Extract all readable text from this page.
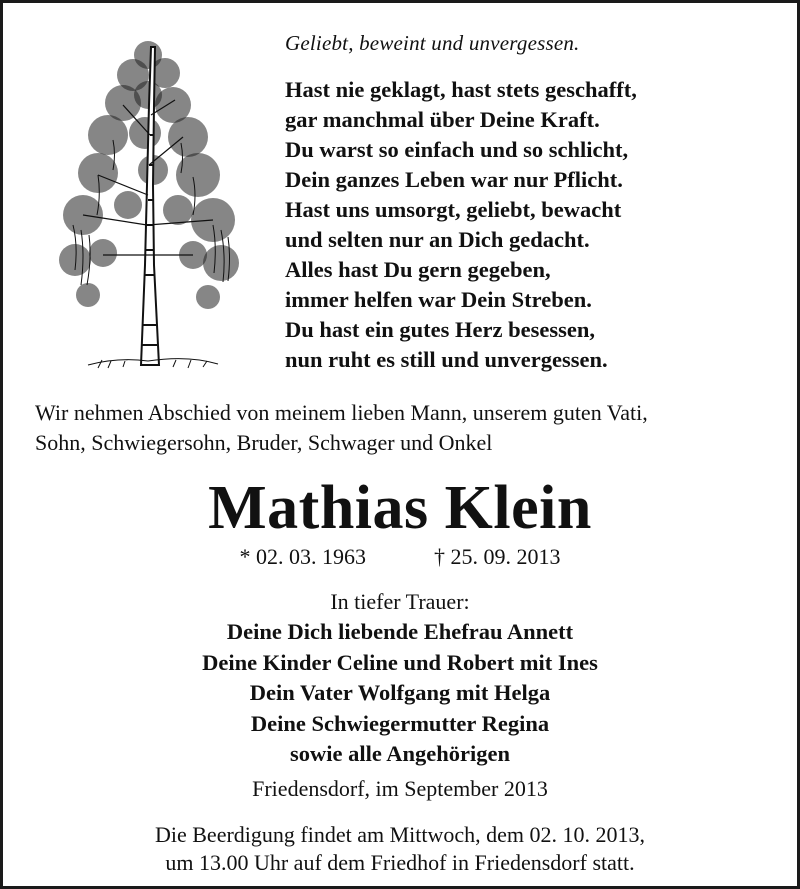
Geliebt, beweint und unvergessen.

Hast nie geklagt, hast stets geschafft,
gar manchmal über Deine Kraft.
Du warst so einfach und so schlicht,
Dein ganzes Leben war nur Pflicht.
Hast uns umsorgt, geliebt, bewacht
und selten nur an Dich gedacht.
Alles hast Du gern gegeben,
immer helfen war Dein Streben.
Du hast ein gutes Herz besessen,
nun ruht es still und unvergessen.
Wir nehmen Abschied von meinem lieben Mann, unserem guten Vati,
Sohn, Schwiegersohn, Bruder, Schwager und Onkel
Mathias Klein
* 02. 03. 1963	† 25. 09. 2013
In tiefer Trauer:
Deine Dich liebende Ehefrau Annett
Deine Kinder Celine und Robert mit Ines
Dein Vater Wolfgang mit Helga
Deine Schwiegermutter Regina
sowie alle Angehörigen
Friedensdorf, im September 2013
Die Beerdigung findet am Mittwoch, dem 02. 10. 2013,
um 13.00 Uhr auf dem Friedhof in Friedensdorf statt.
